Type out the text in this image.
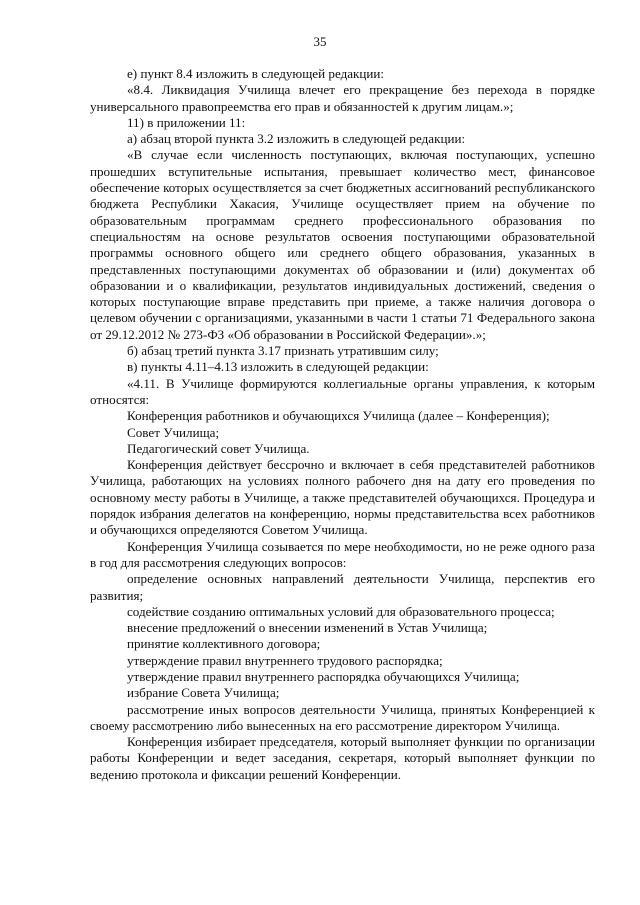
35

е) пункт 8.4 изложить в следующей редакции:

«8.4. Ликвидация Училища влечет его прекращение без перехода в порядке универсального правопреемства его прав и обязанностей к другим лицам.»;

11) в приложении 11:

а) абзац второй пункта 3.2 изложить в следующей редакции:

«В случае если численность поступающих, включая поступающих, успешно прошедших вступительные испытания, превышает количество мест, финансовое обеспечение которых осуществляется за счет бюджетных ассигнований республиканского бюджета Республики Хакасия, Училище осуществляет прием на обучение по образовательным программам среднего профессионального образования по специальностям на основе результатов освоения поступающими образовательной программы основного общего или среднего общего образования, указанных в представленных поступающими документах об образовании и (или) документах об образовании и о квалификации, результатов индивидуальных достижений, сведения о которых поступающие вправе представить при приеме, а также наличия договора о целевом обучении с организациями, указанными в части 1 статьи 71 Федерального закона от 29.12.2012 № 273-ФЗ «Об образовании в Российской Федерации».»;

б) абзац третий пункта 3.17 признать утратившим силу;

в) пункты 4.11–4.13 изложить в следующей редакции:

«4.11. В Училище формируются коллегиальные органы управления, к которым относятся:

Конференция работников и обучающихся Училища (далее – Конференция);

Совет Училища;

Педагогический совет Училища.

Конференция действует бессрочно и включает в себя представителей работников Училища, работающих на условиях полного рабочего дня на дату его проведения по основному месту работы в Училище, а также представителей обучающихся. Процедура и порядок избрания делегатов на конференцию, нормы представительства всех работников и обучающихся определяются Советом Училища.

Конференция Училища созывается по мере необходимости, но не реже одного раза в год для рассмотрения следующих вопросов:

определение основных направлений деятельности Училища, перспектив его развития;

содействие созданию оптимальных условий для образовательного процесса;

внесение предложений о внесении изменений в Устав Училища;

принятие коллективного договора;

утверждение правил внутреннего трудового распорядка;

утверждение правил внутреннего распорядка обучающихся Училища;

избрание Совета Училища;

рассмотрение иных вопросов деятельности Училища, принятых Конференцией к своему рассмотрению либо вынесенных на его рассмотрение директором Училища.

Конференция избирает председателя, который выполняет функции по организации работы Конференции и ведет заседания, секретаря, который выполняет функции по ведению протокола и фиксации решений Конференции.
